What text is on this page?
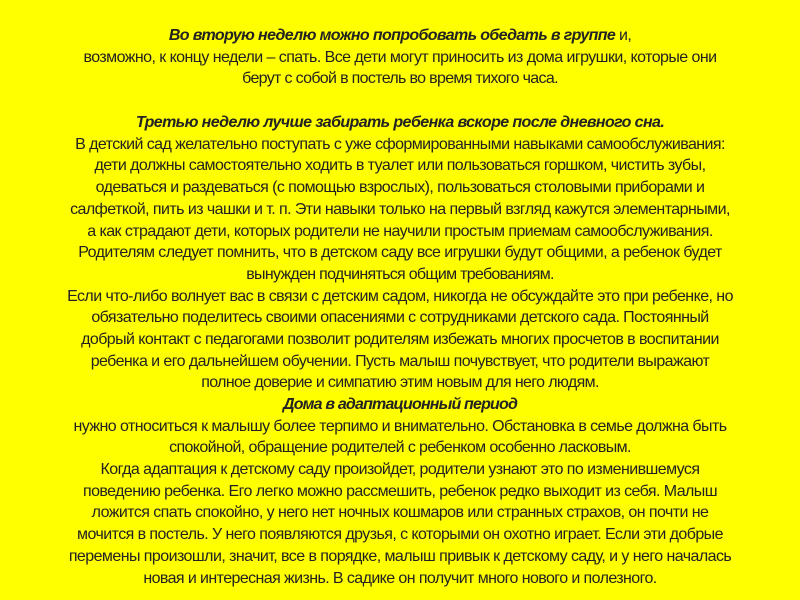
Во вторую неделю можно попробовать обедать в группе и,
возможно, к концу недели – спать. Все дети могут приносить из дома игрушки, которые они
берут с собой в постель во время тихого часа.
Третью неделю лучше забирать ребенка вскоре после дневного сна.
В детский сад желательно поступать с уже сформированными навыками самообслуживания:
дети должны самостоятельно ходить в туалет или пользоваться горшком, чистить зубы,
одеваться и раздеваться (с помощью взрослых), пользоваться столовыми приборами и
салфеткой, пить из чашки и т. п. Эти навыки только на первый взгляд кажутся элементарными,
а как страдают дети, которых родители не научили простым приемам самообслуживания.
Родителям следует помнить, что в детском саду все игрушки будут общими, а ребенок будет
вынужден подчиняться общим требованиям.
Если что-либо волнует вас в связи с детским садом, никогда не обсуждайте это при ребенке, но
обязательно поделитесь своими опасениями с сотрудниками детского сада. Постоянный
добрый контакт с педагогами позволит родителям избежать многих просчетов в воспитании
ребенка и его дальнейшем обучении. Пусть малыш почувствует, что родители выражают
полное доверие и симпатию этим новым для него людям.
Дома в адаптационный период
нужно относиться к малышу более терпимо и внимательно. Обстановка в семье должна быть
спокойной, обращение родителей с ребенком особенно ласковым.
Когда адаптация к детскому саду произойдет, родители узнают это по изменившемуся
поведению ребенка. Его легко можно рассмешить, ребенок редко выходит из себя. Малыш
ложится спать спокойно, у него нет ночных кошмаров или странных страхов, он почти не
мочится в постель. У него появляются друзья, с которыми он охотно играет. Если эти добрые
перемены произошли, значит, все в порядке, малыш привык к детскому саду, и у него началась
новая и интересная жизнь. В садике он получит много нового и полезного.
